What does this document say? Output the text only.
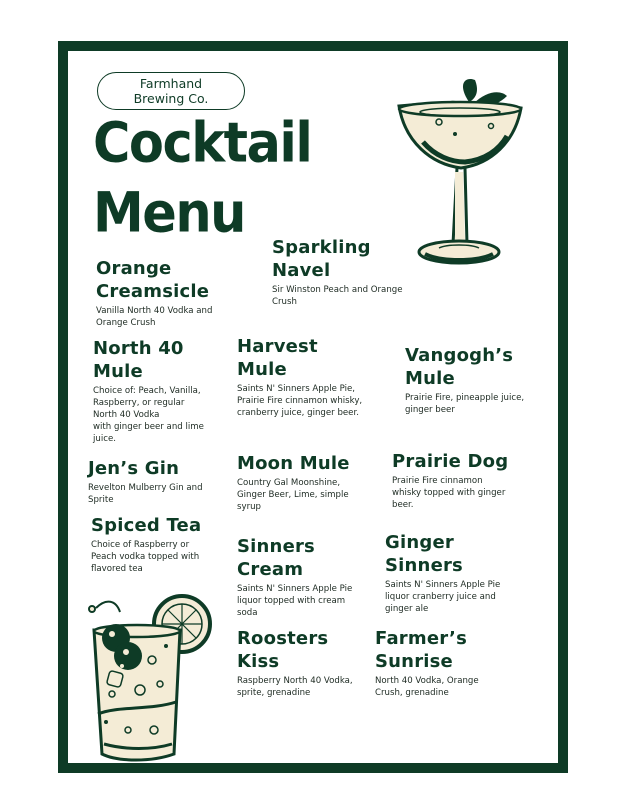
Farmhand
Brewing Co.
Cocktail
Menu
Orange
Creamsicle
Vanilla North 40 Vodka and
Orange Crush
Sparkling
Navel
Sir Winston Peach and Orange
Crush
North 40
Mule
Choice of: Peach, Vanilla,
Raspberry, or regular
North 40 Vodka
with ginger beer and lime
juice.
Harvest
Mule
Saints N' Sinners Apple Pie,
Prairie Fire cinnamon whisky,
cranberry juice, ginger beer.
Vangogh’s
Mule
Prairie Fire, pineapple juice,
ginger beer
Jen’s Gin
Revelton Mulberry Gin and
Sprite
Moon Mule
Country Gal Moonshine,
Ginger Beer, Lime, simple
syrup
Prairie Dog
Prairie Fire cinnamon
whisky topped with ginger
beer.
Spiced Tea
Choice of Raspberry or
Peach vodka topped with
flavored tea
Sinners
Cream
Saints N' Sinners Apple Pie
liquor topped with cream
soda
Ginger
Sinners
Saints N' Sinners Apple Pie
liquor cranberry juice and
ginger ale
Roosters
Kiss
Raspberry North 40 Vodka,
sprite, grenadine
Farmer’s
Sunrise
North 40 Vodka, Orange
Crush, grenadine
